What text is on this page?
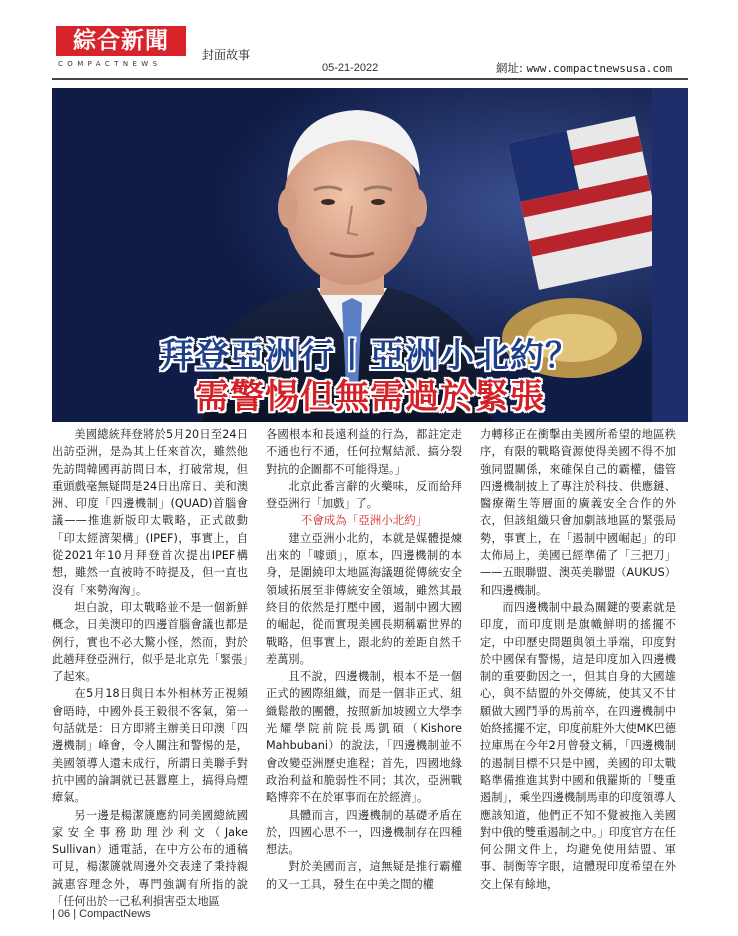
綜合新聞
COMPACTNEWS
封面故事
05-21-2022	網址: www.compactnewsusa.com
拜登亞洲行丨亞洲小北約？
需警惕但無需過於緊張

美國總統拜登將於5月20日至24日出訪亞洲，是為其上任來首次，雖然他先訪問韓國再訪問日本，打破常規，但重頭戲毫無疑問是24日出席日、美和澳洲、印度「四邊機制」(QUAD)首腦會議——推進新版印太戰略，正式啟動「印太經濟架構」(IPEF)，事實上，自從2021年10月拜登首次提出IPEF構想，雖然一直被時不時提及，但一直也沒有「來勢洶洶」。

坦白說，印太戰略並不是一個新鮮概念，日美澳印的四邊首腦會議也都是例行，實也不必大驚小怪，然而，對於此趟拜登亞洲行，似乎是北京先「緊張」了起來。

在5月18日與日本外相林芳正視頻會晤時，中國外長王毅很不客氣，第一句話就是：日方即將主辦美日印澳「四邊機制」峰會，令人關注和警惕的是，美國領導人還未成行，所謂日美聯手對抗中國的論調就已甚囂塵上，搞得烏煙瘴氣。

另一邊是楊潔篪應約同美國總統國家安全事務助理沙利文（Jake Sullivan）通電話，在中方公布的通稿可見，楊潔篪就周邊外交表達了秉持親誠惠容理念外，專門強調有所指的說「任何出於一己私利損害亞太地區

各國根本和長遠利益的行為，都註定走不通也行不通，任何拉幫結派、搞分裂對抗的企圖都不可能得逞。」

北京此番言辭的火藥味，反而給拜登亞洲行「加戲」了。

不會成為「亞洲小北約」

建立亞洲小北約，本就是媒體提煉出來的「噱頭」，原本，四邊機制的本身，是圍繞印太地區海議題從傳統安全領域拓展至非傳統安全領域，雖然其最終目的依然是打壓中國，遏制中國大國的崛起，從而實現美國長期稱霸世界的戰略，但事實上，跟北約的差距自然千差萬別。

且不說，四邊機制，根本不是一個正式的國際組織，而是一個非正式、組織鬆散的團體，按照新加坡國立大學李光耀學院前院長馬凱碩（Kishore Mahbubani）的說法，「四邊機制並不會改變亞洲歷史進程；首先，四國地緣政治利益和脆弱性不同；其次，亞洲戰略博弈不在於軍事而在於經濟」。

具體而言，四邊機制的基礎矛盾在於，四國心思不一，四邊機制存在四種想法。

對於美國而言，這無疑是推行霸權的又一工具，發生在中美之間的權

力轉移正在衝擊由美國所希望的地區秩序，有限的戰略資源使得美國不得不加強同盟關係，來確保自己的霸權，儘管四邊機制披上了專注於科技、供應鏈、醫療衛生等層面的廣義安全合作的外衣，但該組織只會加劇該地區的緊張局勢，事實上，在「遏制中國崛起」的印太佈局上，美國已經準備了「三把刀」——五眼聯盟、澳英美聯盟（AUKUS）和四邊機制。

而四邊機制中最為關鍵的要素就是印度，而印度則是旗幟鮮明的搖擺不定，中印歷史問題與領土爭端，印度對於中國保有警惕，這是印度加入四邊機制的重要動因之一，但其自身的大國雄心，與不結盟的外交傳統，使其又不甘願做大國鬥爭的馬前卒，在四邊機制中始終搖擺不定，印度前駐外大使MK巴德拉庫馬在今年2月曾發文稱，「四邊機制的遏制目標不只是中國，美國的印太戰略準備推進其對中國和俄羅斯的「雙重遏制」，乘坐四邊機制馬車的印度領導人應該知道，他們正不知不覺被拖入美國對中俄的雙重遏制之中。」印度官方在任何公開文件上，均避免使用結盟、軍事、制衡等字眼，這體現印度希望在外交上保有餘地，

| 06 | CompactNews
